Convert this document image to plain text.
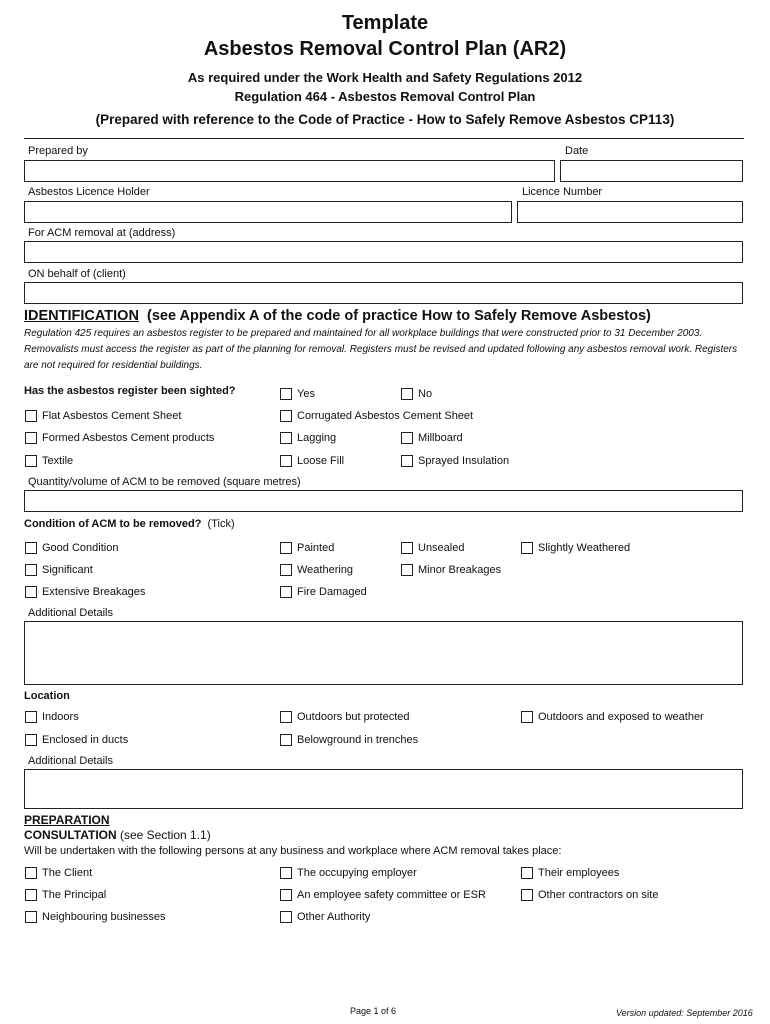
Template
Asbestos Removal Control Plan (AR2)
As required under the Work Health and Safety Regulations 2012
Regulation 464 - Asbestos Removal Control Plan
(Prepared with reference to the Code of Practice - How to Safely Remove Asbestos CP113)
Prepared by	Date
Asbestos Licence Holder	Licence Number
For ACM removal at (address)
ON behalf of (client)
IDENTIFICATION (see Appendix A of the code of practice How to Safely Remove Asbestos)
Regulation 425 requires an asbestos register to be prepared and maintained for all workplace buildings that were constructed prior to 31 December 2003. Removalists must access the register as part of the planning for removal. Registers must be revised and updated following any asbestos removal work. Registers are not required for residential buildings.
Has the asbestos register been sighted?	Yes	No
Flat Asbestos Cement Sheet	Corrugated Asbestos Cement Sheet
Formed Asbestos Cement products	Lagging	Millboard
Textile	Loose Fill	Sprayed Insulation
Quantity/volume of ACM to be removed (square metres)
Condition of ACM to be removed? (Tick)
Good Condition	Painted	Unsealed	Slightly Weathered
Significant	Weathering	Minor Breakages
Extensive Breakages	Fire Damaged
Additional Details
Location
Indoors	Outdoors but protected	Outdoors and exposed to weather
Enclosed in ducts	Belowground in trenches
Additional Details
PREPARATION
CONSULTATION (see Section 1.1)
Will be undertaken with the following persons at any business and workplace where ACM removal takes place:
The Client	The occupying employer	Their employees
The Principal	An employee safety committee or ESR	Other contractors on site
Neighbouring businesses	Other Authority
Page 1 of 6	Version updated: September 2016
